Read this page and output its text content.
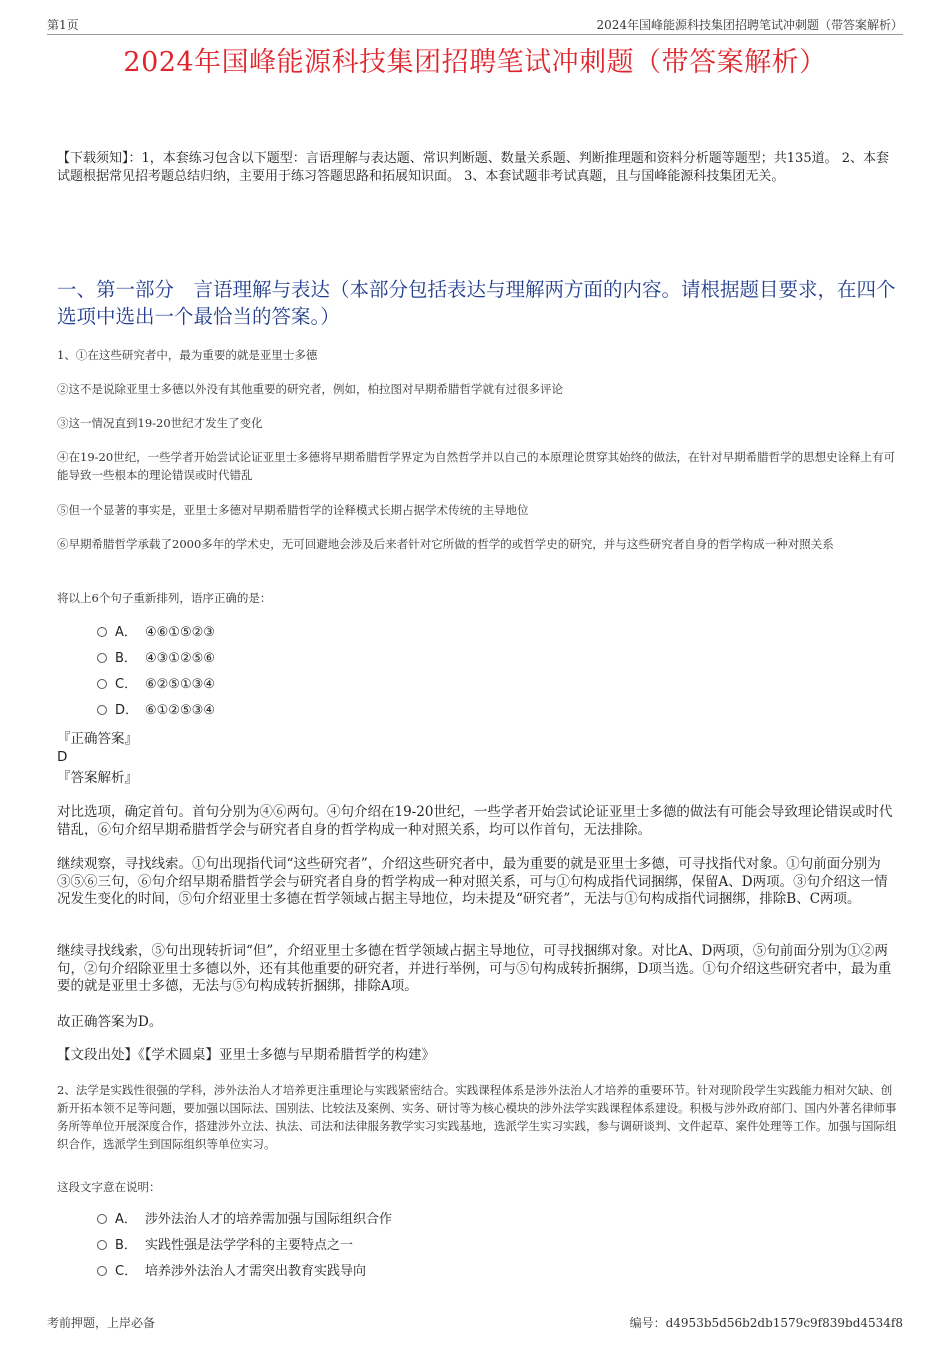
第1页	2024年国峰能源科技集团招聘笔试冲刺题（带答案解析）
2024年国峰能源科技集团招聘笔试冲刺题（带答案解析）
【下载须知】：1，本套练习包含以下题型：言语理解与表达题、常识判断题、数量关系题、判断推理题和资料分析题等题型；共135道。 2、本套试题根据常见招考题总结归纳，主要用于练习答题思路和拓展知识面。 3、本套试题非考试真题，且与国峰能源科技集团无关。
一、第一部分　言语理解与表达（本部分包括表达与理解两方面的内容。请根据题目要求，在四个选项中选出一个最恰当的答案。）
1、①在这些研究者中，最为重要的就是亚里士多德
②这不是说除亚里士多德以外没有其他重要的研究者，例如，柏拉图对早期希腊哲学就有过很多评论
③这一情况直到19-20世纪才发生了变化
④在19-20世纪，一些学者开始尝试论证亚里士多德将早期希腊哲学界定为自然哲学并以自己的本原理论贯穿其始终的做法，在针对早期希腊哲学的思想史诠释上有可能导致一些根本的理论错误或时代错乱
⑤但一个显著的事实是，亚里士多德对早期希腊哲学的诠释模式长期占据学术传统的主导地位
⑥早期希腊哲学承载了2000多年的学术史，无可回避地会涉及后来者针对它所做的哲学的或哲学史的研究，并与这些研究者自身的哲学构成一种对照关系
将以上6个句子重新排列，语序正确的是：
A． ④⑥①⑤②③
B． ④③①②⑤⑥
C． ⑥②⑤①③④
D． ⑥①②⑤③④
『正确答案』
D
『答案解析』
对比选项，确定首句。首句分别为④⑥两句。④句介绍在19-20世纪，一些学者开始尝试论证亚里士多德的做法有可能会导致理论错误或时代错乱，⑥句介绍早期希腊哲学会与研究者自身的哲学构成一种对照关系，均可以作首句，无法排除。
继续观察，寻找线索。①句出现指代词“这些研究者”，介绍这些研究者中，最为重要的就是亚里士多德，可寻找指代对象。①句前面分别为③⑤⑥三句，⑥句介绍早期希腊哲学会与研究者自身的哲学构成一种对照关系，可与①句构成指代词捆绑，保留A、D两项。③句介绍这一情况发生变化的时间，⑤句介绍亚里士多德在哲学领域占据主导地位，均未提及“研究者”，无法与①句构成指代词捆绑，排除B、C两项。
继续寻找线索，⑤句出现转折词“但”，介绍亚里士多德在哲学领域占据主导地位，可寻找捆绑对象。对比A、D两项，⑤句前面分别为①②两句，②句介绍除亚里士多德以外，还有其他重要的研究者，并进行举例，可与⑤句构成转折捆绑，D项当选。①句介绍这些研究者中，最为重要的就是亚里士多德，无法与⑤句构成转折捆绑，排除A项。
故正确答案为D。
【文段出处】《【学术圆桌】亚里士多德与早期希腊哲学的构建》
2、法学是实践性很强的学科，涉外法治人才培养更注重理论与实践紧密结合。实践课程体系是涉外法治人才培养的重要环节。针对现阶段学生实践能力相对欠缺、创新开拓本领不足等问题，要加强以国际法、国别法、比较法及案例、实务、研讨等为核心模块的涉外法学实践课程体系建设。积极与涉外政府部门、国内外著名律师事务所等单位开展深度合作，搭建涉外立法、执法、司法和法律服务教学实习实践基地，选派学生实习实践，参与调研谈判、文件起草、案件处理等工作。加强与国际组织合作，选派学生到国际组织等单位实习。
这段文字意在说明：
A． 涉外法治人才的培养需加强与国际组织合作
B． 实践性强是法学学科的主要特点之一
C． 培养涉外法治人才需突出教育实践导向
考前押题，上岸必备	编号：d4953b5d56b2db1579c9f839bd4534f8
